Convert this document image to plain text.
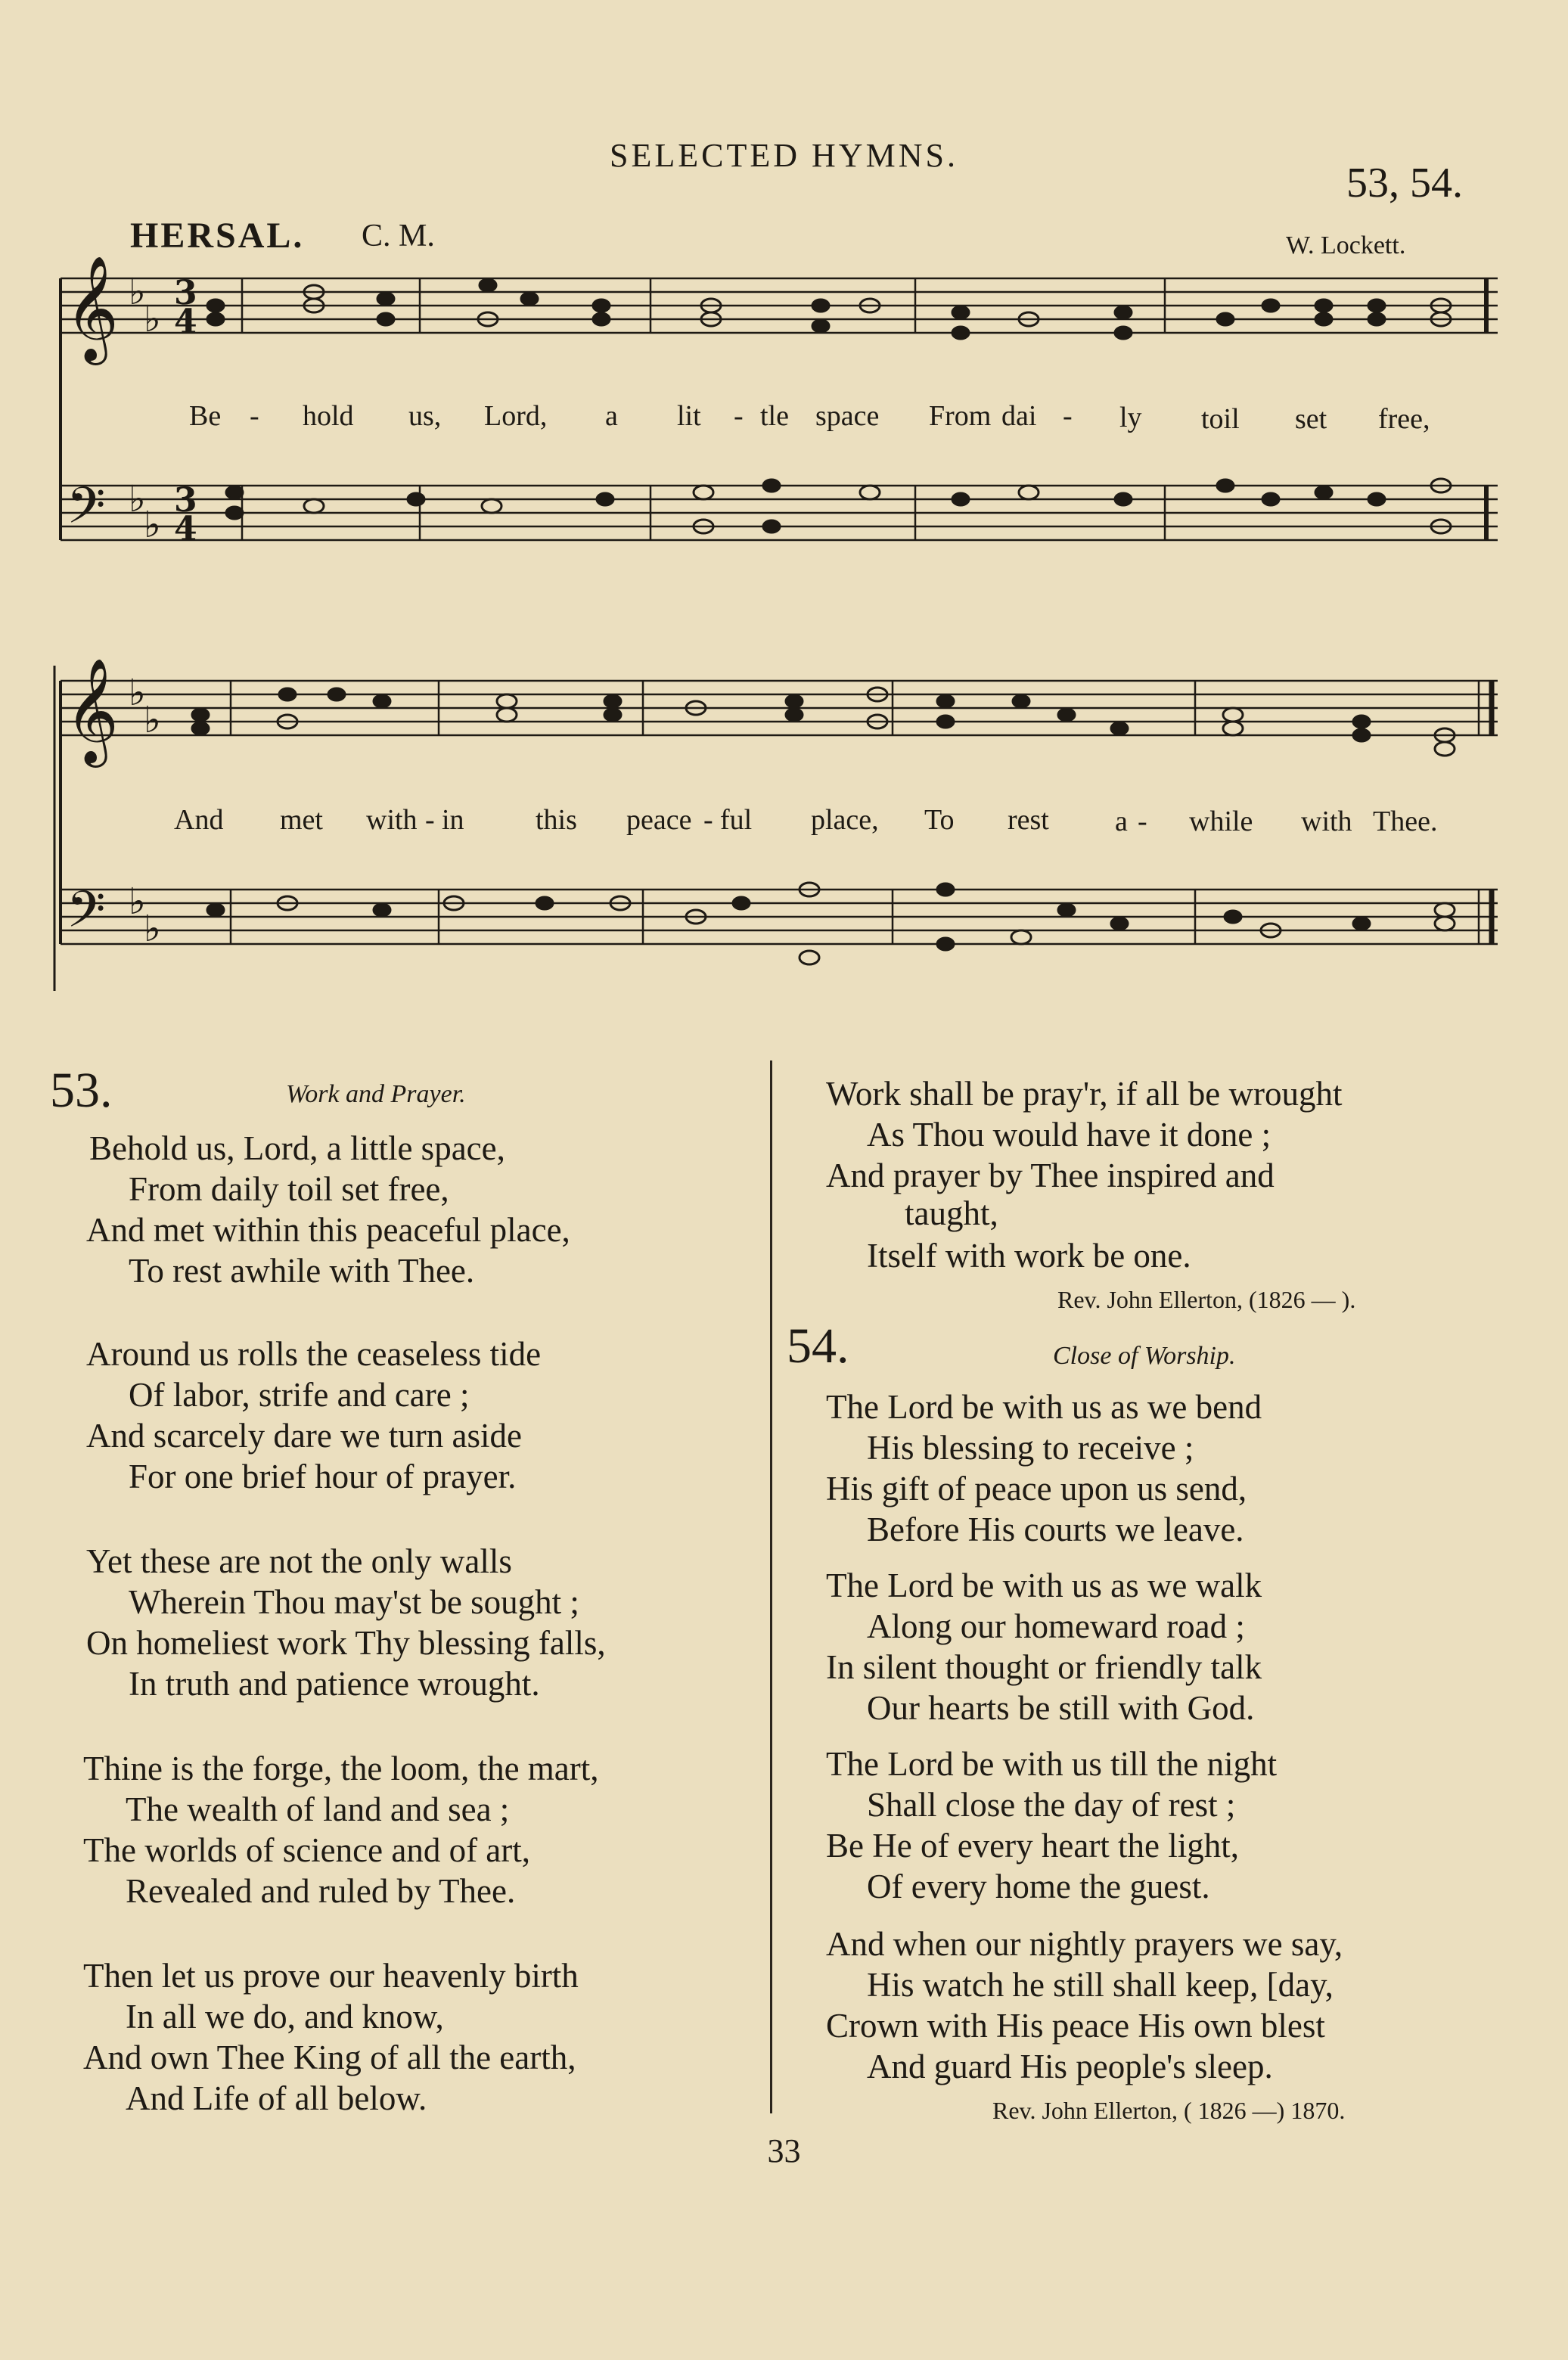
SELECTED HYMNS.
53, 54.
HERSAL. C. M.	W. Lockett.
𝄞
𝄞
𝄢
𝄢
♭
♭
♭
♭
♭
♭
♭
♭
3
4
3
4
Be - hold us, Lord, a lit - tle space From dai - ly toil set free,
And met with - in this peace - ful place, To rest a - while with Thee.
53.	Work and Prayer.
Behold us, Lord, a little space,
From daily toil set free,
And met within this peaceful place,
To rest awhile with Thee.
Around us rolls the ceaseless tide
Of labor, strife and care ;
And scarcely dare we turn aside
For one brief hour of prayer.
Yet these are not the only walls
Wherein Thou may'st be sought ;
On homeliest work Thy blessing falls,
In truth and patience wrought.
Thine is the forge, the loom, the mart,
The wealth of land and sea ;
The worlds of science and of art,
Revealed and ruled by Thee.
Then let us prove our heavenly birth
In all we do, and know,
And own Thee King of all the earth,
And Life of all below.
Work shall be pray'r, if all be wrought
As Thou would have it done ;
And prayer by Thee inspired and
taught,
Itself with work be one.
Rev. John Ellerton, (1826 — ).
54.	Close of Worship.
The Lord be with us as we bend
His blessing to receive ;
His gift of peace upon us send,
Before His courts we leave.
The Lord be with us as we walk
Along our homeward road ;
In silent thought or friendly talk
Our hearts be still with God.
The Lord be with us till the night
Shall close the day of rest ;
Be He of every heart the light,
Of every home the guest.
And when our nightly prayers we say,
His watch he still shall keep, [day,
Crown with His peace His own blest
And guard His people's sleep.
Rev. John Ellerton, ( 1826 —) 1870.
33
